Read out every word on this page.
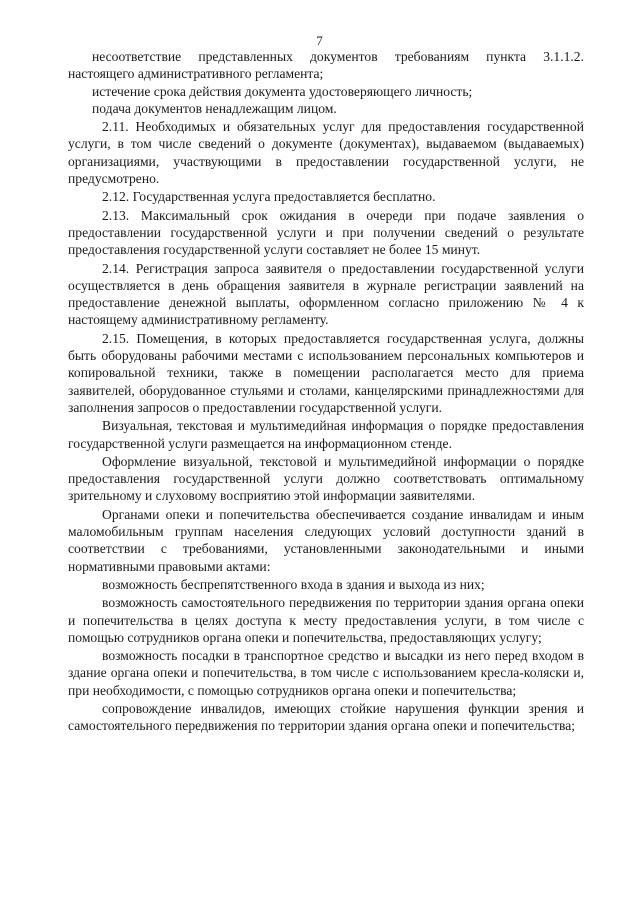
7

несоответствие представленных документов требованиям пункта 3.1.1.2. настоящего административного регламента;

истечение срока действия документа удостоверяющего личность;

подача документов ненадлежащим лицом.

2.11. Необходимых и обязательных услуг для предоставления государственной услуги, в том числе сведений о документе (документах), выдаваемом (выдаваемых) организациями, участвующими в предоставлении государственной услуги, не предусмотрено.

2.12. Государственная услуга предоставляется бесплатно.

2.13. Максимальный срок ожидания в очереди при подаче заявления о предоставлении государственной услуги и при получении сведений о результате предоставления государственной услуги составляет не более 15 минут.

2.14. Регистрация запроса заявителя о предоставлении государственной услуги осуществляется в день обращения заявителя в журнале регистрации заявлений на предоставление денежной выплаты, оформленном согласно приложению № 4 к настоящему административному регламенту.

2.15. Помещения, в которых предоставляется государственная услуга, должны быть оборудованы рабочими местами с использованием персональных компьютеров и копировальной техники, также в помещении располагается место для приема заявителей, оборудованное стульями и столами, канцелярскими принадлежностями для заполнения запросов о предоставлении государственной услуги.

Визуальная, текстовая и мультимедийная информация о порядке предоставления государственной услуги размещается на информационном стенде.

Оформление визуальной, текстовой и мультимедийной информации о порядке предоставления государственной услуги должно соответствовать оптимальному зрительному и слуховому восприятию этой информации заявителями.

Органами опеки и попечительства обеспечивается создание инвалидам и иным маломобильным группам населения следующих условий доступности зданий в соответствии с требованиями, установленными законодательными и иными нормативными правовыми актами:

возможность беспрепятственного входа в здания и выхода из них;

возможность самостоятельного передвижения по территории здания органа опеки и попечительства в целях доступа к месту предоставления услуги, в том числе с помощью сотрудников органа опеки и попечительства, предоставляющих услугу;

возможность посадки в транспортное средство и высадки из него перед входом в здание органа опеки и попечительства, в том числе с использованием кресла-коляски и, при необходимости, с помощью сотрудников органа опеки и попечительства;

сопровождение инвалидов, имеющих стойкие нарушения функции зрения и самостоятельного передвижения по территории здания органа опеки и попечительства;
